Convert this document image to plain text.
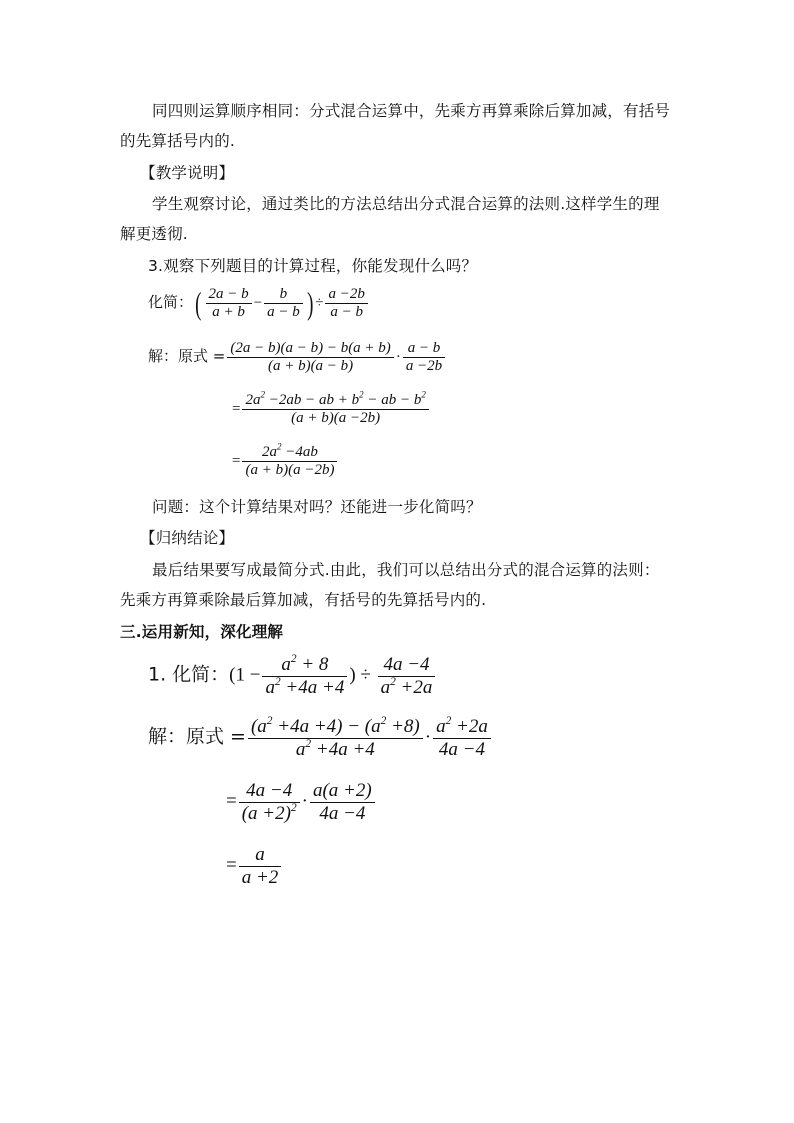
同四则运算顺序相同：分式混合运算中，先乘方再算乘除后算加减，有括号
的先算括号内的.
【教学说明】
学生观察讨论，通过类比的方法总结出分式混合运算的法则.这样学生的理
解更透彻.
3.观察下列题目的计算过程，你能发现什么吗？
化简：( $\frac{2a - b}{a + b} - \frac{b}{a - b}$ ) ÷ $\frac{a -2b}{a - b}$
解：原式 = $\frac{(2a - b)(a - b) - b(a + b)}{(a + b)(a - b)} \cdot \frac{a - b}{a -2b}$
= $\frac{2a^2 -2ab - ab + b^2 - ab - b^2}{(a + b)(a -2b)}$
= $\frac{2a^2 -4ab}{(a + b)(a -2b)}$
问题：这个计算结果对吗？还能进一步化简吗？
【归纳结论】
最后结果要写成最简分式.由此，我们可以总结出分式的混合运算的法则：
先乘方再算乘除最后算加减，有括号的先算括号内的.
三.运用新知，深化理解
1. 化简：($1 - \frac{a^2 + 8}{a^2 +4a +4}$ ) ÷ $\frac{4a -4}{a^2 +2a}$
解：原式 = $\frac{(a^2 +4a +4) - (a^2 +8)}{a^2 +4a +4} \cdot \frac{a^2 +2a}{4a -4}$
= $\frac{4a -4}{(a +2)^2} \cdot \frac{a(a +2)}{4a -4}$
= $\frac{a}{a +2}$
